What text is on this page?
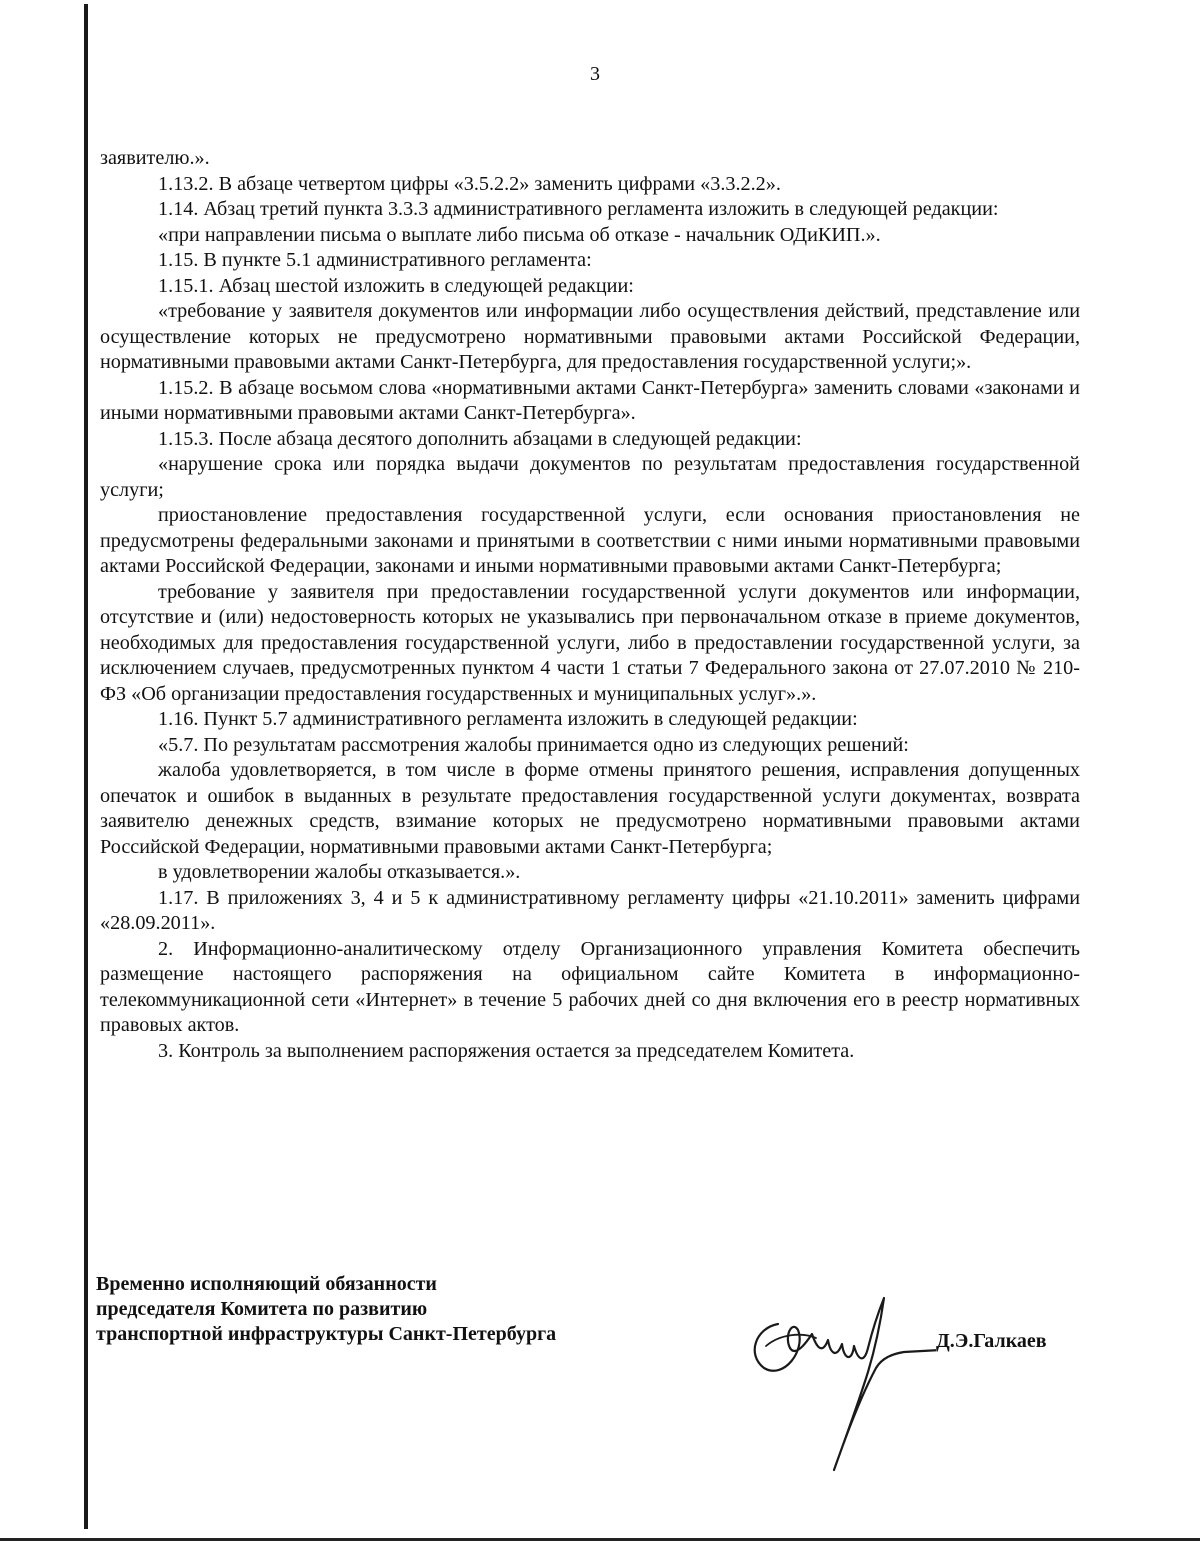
3

заявителю.».

1.13.2. В абзаце четвертом цифры «3.5.2.2» заменить цифрами «3.3.2.2».

1.14. Абзац третий пункта 3.3.3 административного регламента изложить в следующей редакции:

«при направлении письма о выплате либо письма об отказе - начальник ОДиКИП.».

1.15. В пункте 5.1 административного регламента:

1.15.1. Абзац шестой изложить в следующей редакции:

«требование у заявителя документов или информации либо осуществления действий, представление или осуществление которых не предусмотрено нормативными правовыми актами Российской Федерации, нормативными правовыми актами Санкт-Петербурга, для предоставления государственной услуги;».

1.15.2. В абзаце восьмом слова «нормативными актами Санкт-Петербурга» заменить словами «законами и иными нормативными правовыми актами Санкт-Петербурга».

1.15.3. После абзаца десятого дополнить абзацами в следующей редакции:

«нарушение срока или порядка выдачи документов по результатам предоставления государственной услуги;

приостановление предоставления государственной услуги, если основания приостановления не предусмотрены федеральными законами и принятыми в соответствии с ними иными нормативными правовыми актами Российской Федерации, законами и иными нормативными правовыми актами Санкт-Петербурга;

требование у заявителя при предоставлении государственной услуги документов или информации, отсутствие и (или) недостоверность которых не указывались при первоначальном отказе в приеме документов, необходимых для предоставления государственной услуги, либо в предоставлении государственной услуги, за исключением случаев, предусмотренных пунктом 4 части 1 статьи 7 Федерального закона от 27.07.2010 № 210-ФЗ «Об организации предоставления государственных и муниципальных услуг».».

1.16. Пункт 5.7 административного регламента изложить в следующей редакции:

«5.7. По результатам рассмотрения жалобы принимается одно из следующих решений:

жалоба удовлетворяется, в том числе в форме отмены принятого решения, исправления допущенных опечаток и ошибок в выданных в результате предоставления государственной услуги документах, возврата заявителю денежных средств, взимание которых не предусмотрено нормативными правовыми актами Российской Федерации, нормативными правовыми актами Санкт-Петербурга;

в удовлетворении жалобы отказывается.».

1.17. В приложениях 3, 4 и 5 к административному регламенту цифры «21.10.2011» заменить цифрами «28.09.2011».

2. Информационно-аналитическому отделу Организационного управления Комитета обеспечить размещение настоящего распоряжения на официальном сайте Комитета в информационно-телекоммуникационной сети «Интернет» в течение 5 рабочих дней со дня включения его в реестр нормативных правовых актов.

3. Контроль за выполнением распоряжения остается за председателем Комитета.

Временно исполняющий обязанности
председателя Комитета по развитию
транспортной инфраструктуры Санкт-Петербурга	Д.Э.Галкаев
